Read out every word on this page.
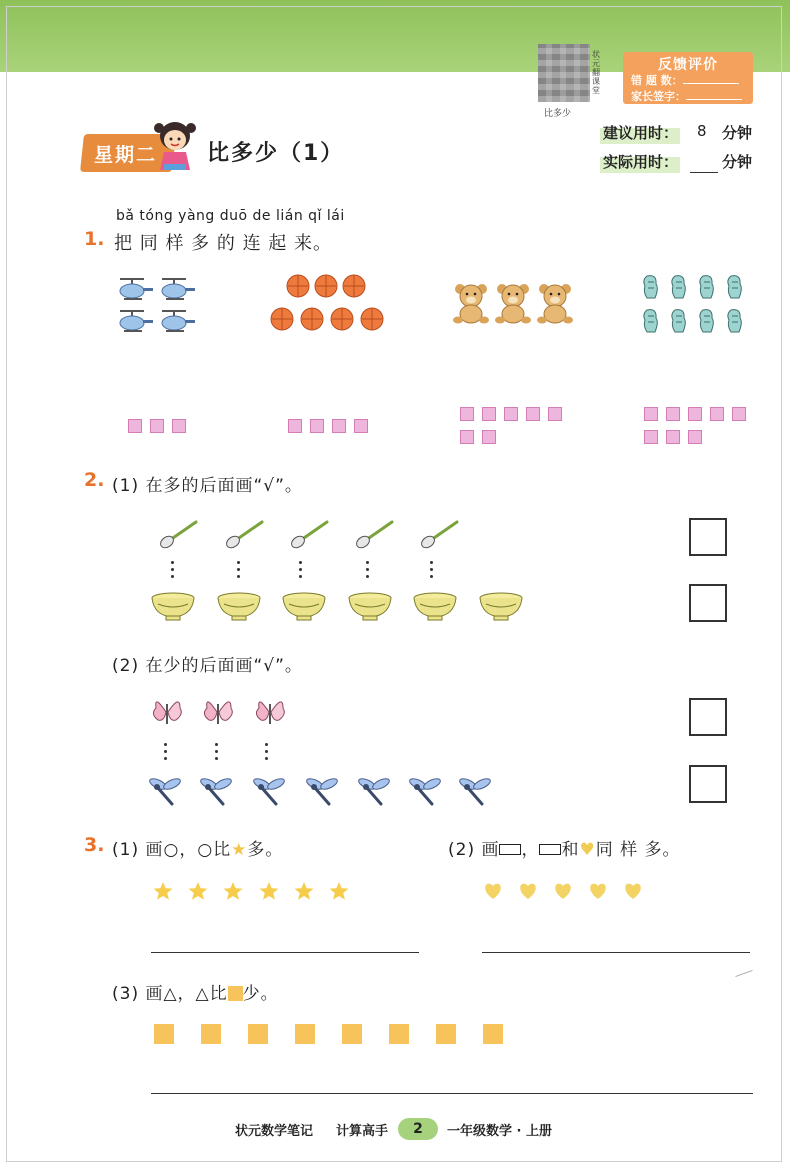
状元翻课堂
比多少
反馈评价
错 题 数：
家长签字：
星期二 比多少（1）
建议用时： 8 分钟
实际用时：	分钟
bǎ tóng yàng duō de lián qǐ lái
1. 把 同 样 多 的 连 起 来。
2. (1) 在多的后面画“√”。
(2) 在少的后面画“√”。
3. (1) 画○，○比★多。	(2) 画 ， 和♥同 样 多。
(3) 画△，△比 少。
状元数学笔记 计算高手	2	一年级数学 · 上册
